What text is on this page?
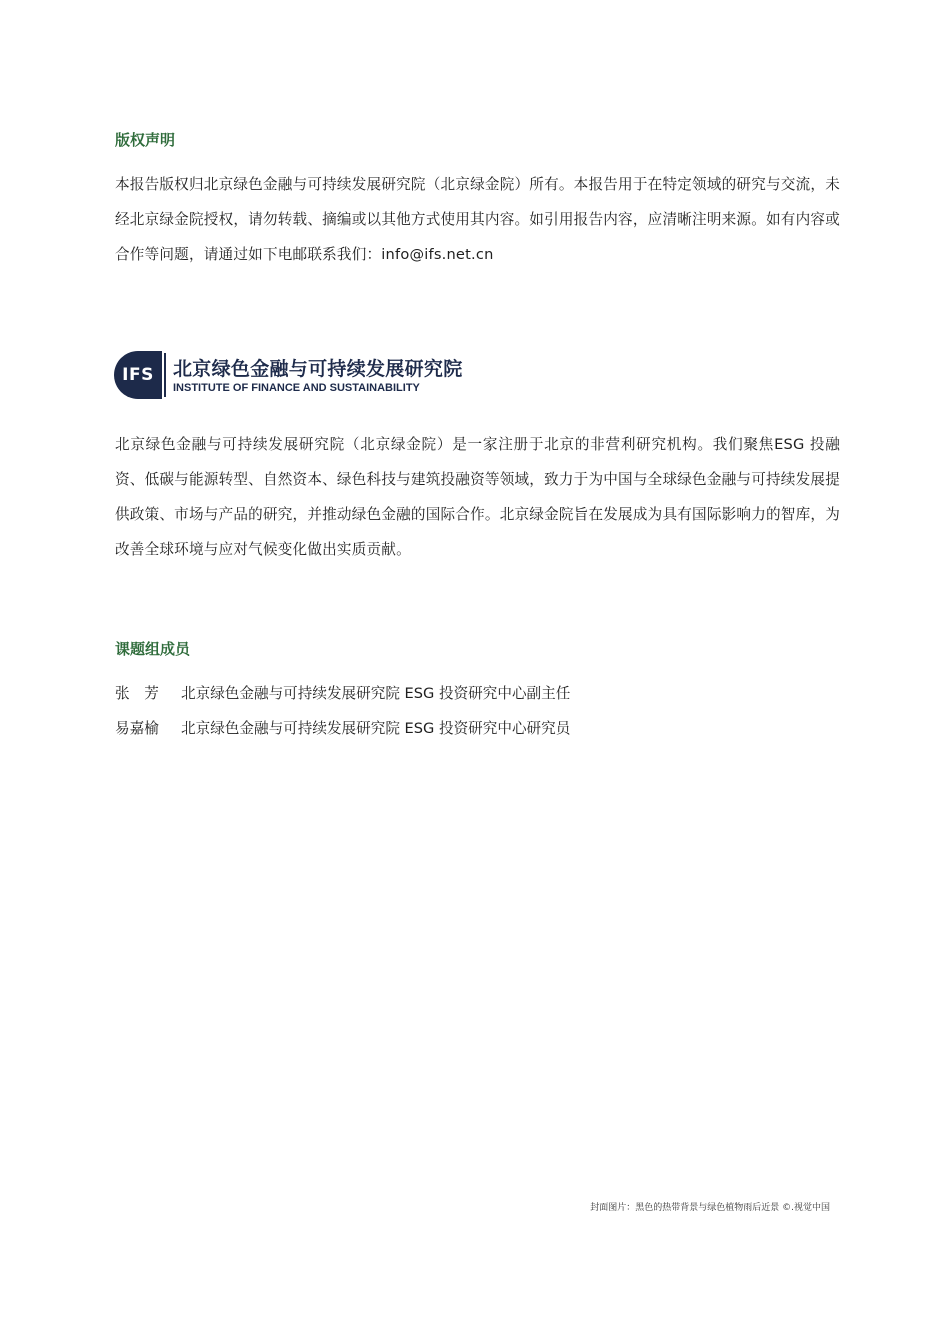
版权声明

本报告版权归北京绿色金融与可持续发展研究院（北京绿金院）所有。本报告用于在特定领域的研究与交流，未经北京绿金院授权，请勿转载、摘编或以其他方式使用其内容。如引用报告内容，应清晰注明来源。如有内容或合作等问题，请通过如下电邮联系我们：info@ifs.net.cn

IFS	北京绿色金融与可持续发展研究院
INSTITUTE OF FINANCE AND SUSTAINABILITY

北京绿色金融与可持续发展研究院（北京绿金院）是一家注册于北京的非营利研究机构。我们聚焦ESG 投融资、低碳与能源转型、自然资本、绿色科技与建筑投融资等领域，致力于为中国与全球绿色金融与可持续发展提供政策、市场与产品的研究，并推动绿色金融的国际合作。北京绿金院旨在发展成为具有国际影响力的智库，为改善全球环境与应对气候变化做出实质贡献。

课题组成员
张　芳 北京绿色金融与可持续发展研究院 ESG 投资研究中心副主任
易嘉榆 北京绿色金融与可持续发展研究院 ESG 投资研究中心研究员
封面图片：黑色的热带背景与绿色植物雨后近景 ©.视觉中国
